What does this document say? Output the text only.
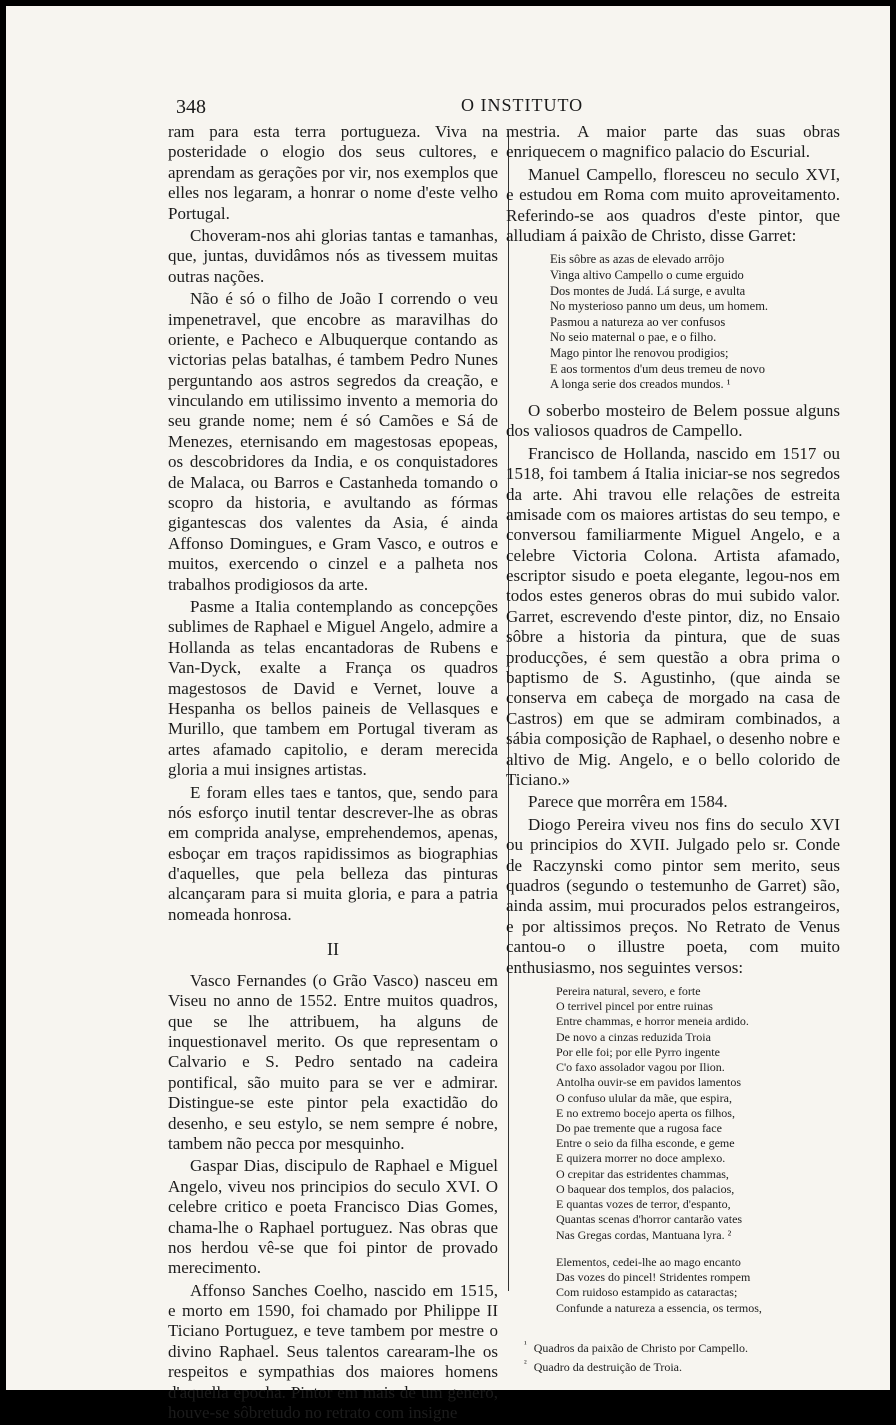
348	O INSTITUTO

ram para esta terra portugueza. Viva na posteridade o elogio dos seus cultores, e aprendam as gerações por vir, nos exemplos que elles nos legaram, a honrar o nome d'este velho Portugal.

Choveram-nos ahi glorias tantas e tamanhas, que, juntas, duvidâmos nós as tivessem muitas outras nações.

Não é só o filho de João I correndo o veu impenetravel, que encobre as maravilhas do oriente, e Pacheco e Albuquerque contando as victorias pelas batalhas, é tambem Pedro Nunes perguntando aos astros segredos da creação, e vinculando em utilissimo invento a memoria do seu grande nome; nem é só Camões e Sá de Menezes, eternisando em magestosas epopeas, os descobridores da India, e os conquistadores de Malaca, ou Barros e Castanheda tomando o scopro da historia, e avultando as fórmas gigantescas dos valentes da Asia, é ainda Affonso Domingues, e Gram Vasco, e outros e muitos, exercendo o cinzel e a palheta nos trabalhos prodigiosos da arte.

Pasme a Italia contemplando as concepções sublimes de Raphael e Miguel Angelo, admire a Hollanda as telas encantadoras de Rubens e Van-Dyck, exalte a França os quadros magestosos de David e Vernet, louve a Hespanha os bellos paineis de Vellasques e Murillo, que tambem em Portugal tiveram as artes afamado capitolio, e deram merecida gloria a mui insignes artistas.

E foram elles taes e tantos, que, sendo para nós esforço inutil tentar descrever-lhe as obras em comprida analyse, emprehendemos, apenas, esboçar em traços rapidissimos as biographias d'aquelles, que pela belleza das pinturas alcançaram para si muita gloria, e para a patria nomeada honrosa.

II

Vasco Fernandes (o Grão Vasco) nasceu em Viseu no anno de 1552. Entre muitos quadros, que se lhe attribuem, ha alguns de inquestionavel merito. Os que representam o Calvario e S. Pedro sentado na cadeira pontifical, são muito para se ver e admirar. Distingue-se este pintor pela exactidão do desenho, e seu estylo, se nem sempre é nobre, tambem não pecca por mesquinho.

Gaspar Dias, discipulo de Raphael e Miguel Angelo, viveu nos principios do seculo XVI. O celebre critico e poeta Francisco Dias Gomes, chama-lhe o Raphael portuguez. Nas obras que nos herdou vê-se que foi pintor de provado merecimento.

Affonso Sanches Coelho, nascido em 1515, e morto em 1590, foi chamado por Philippe II Ticiano Portuguez, e teve tambem por mestre o divino Raphael. Seus talentos carearam-lhe os respeitos e sympathias dos maiores homens d'aquella epocha. Pintor em mais de um genero, houve-se sôbretudo no retrato com insigne

mestria. A maior parte das suas obras enriquecem o magnifico palacio do Escurial.

Manuel Campello, floresceu no seculo XVI, e estudou em Roma com muito aproveitamento. Referindo-se aos quadros d'este pintor, que alludiam á paixão de Christo, disse Garret:

Eis sôbre as azas de elevado arrôjo
Vinga altivo Campello o cume erguido
Dos montes de Judá. Lá surge, e avulta
No mysterioso panno um deus, um homem.
Pasmou a natureza ao ver confusos
No seio maternal o pae, e o filho.
Mago pintor lhe renovou prodigios;
E aos tormentos d'um deus tremeu de novo
A longa serie dos creados mundos. ¹

O soberbo mosteiro de Belem possue alguns dos valiosos quadros de Campello.

Francisco de Hollanda, nascido em 1517 ou 1518, foi tambem á Italia iniciar-se nos segredos da arte. Ahi travou elle relações de estreita amisade com os maiores artistas do seu tempo, e conversou familiarmente Miguel Angelo, e a celebre Victoria Colona. Artista afamado, escriptor sisudo e poeta elegante, legou-nos em todos estes generos obras do mui subido valor. Garret, escrevendo d'este pintor, diz, no Ensaio sôbre a historia da pintura, que de suas producções, é sem questão a obra prima o baptismo de S. Agustinho, (que ainda se conserva em cabeça de morgado na casa de Castros) em que se admiram combinados, a sábia composição de Raphael, o desenho nobre e altivo de Mig. Angelo, e o bello colorido de Ticiano.»

Parece que morrêra em 1584.

Diogo Pereira viveu nos fins do seculo XVI ou principios do XVII. Julgado pelo sr. Conde de Raczynski como pintor sem merito, seus quadros (segundo o testemunho de Garret) são, ainda assim, mui procurados pelos estrangeiros, e por altissimos preços. No Retrato de Venus cantou-o o illustre poeta, com muito enthusiasmo, nos seguintes versos:

Pereira natural, severo, e forte
O terrivel pincel por entre ruinas
Entre chammas, e horror meneia ardido.
De novo a cinzas reduzida Troia
Por elle foi; por elle Pyrro ingente
C'o faxo assolador vagou por Ilion.
Antolha ouvir-se em pavidos lamentos
O confuso ulular da mãe, que espira,
E no extremo bocejo aperta os filhos,
Do pae tremente que a rugosa face
Entre o seio da filha esconde, e geme
E quizera morrer no doce amplexo.
O crepitar das estridentes chammas,
O baquear dos templos, dos palacios,
E quantas vozes de terror, d'espanto,
Quantas scenas d'horror cantarão vates
Nas Gregas cordas, Mantuana lyra. ²
Elementos, cedei-lhe ao mago encanto
Das vozes do pincel! Stridentes rompem
Com ruidoso estampido as cataractas;
Confunde a natureza a essencia, os termos,
$^{^1}$ Quadros da paixão de Christo por Campello.
$^{^2}$ Quadro da destruição de Troia.
